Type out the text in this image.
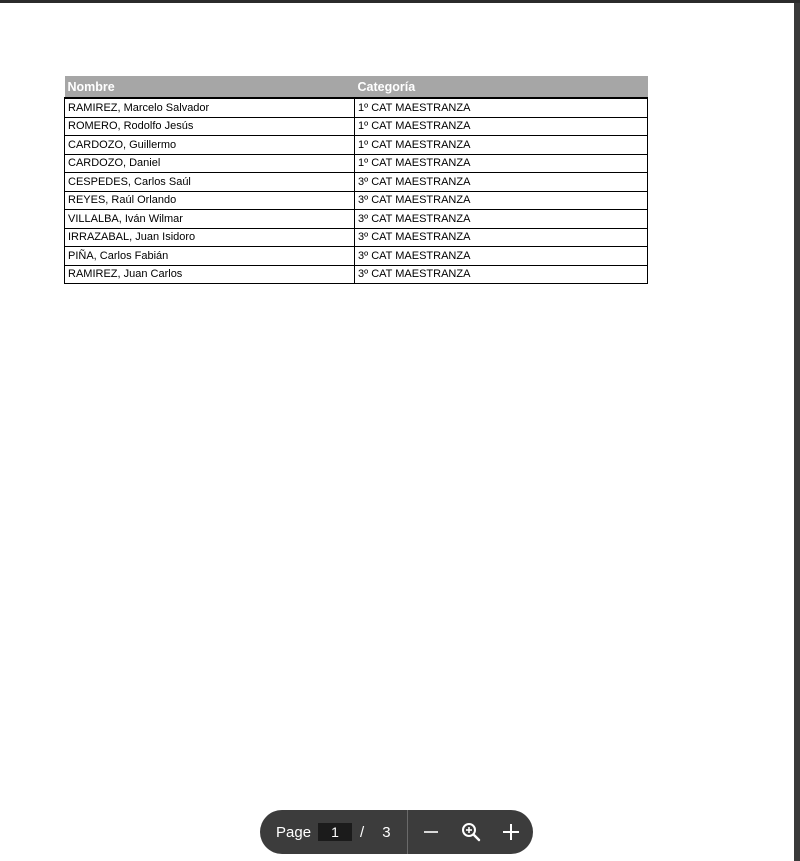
Nombre	Categoría
RAMIREZ, Marcelo Salvador	1º CAT MAESTRANZA
ROMERO, Rodolfo Jesús	1º CAT MAESTRANZA
CARDOZO, Guillermo	1º CAT MAESTRANZA
CARDOZO, Daniel	1º CAT MAESTRANZA
CESPEDES, Carlos Saúl	3º CAT MAESTRANZA
REYES, Raúl Orlando	3º CAT MAESTRANZA
VILLALBA, Iván Wilmar	3º CAT MAESTRANZA
IRRAZABAL, Juan Isidoro	3º CAT MAESTRANZA
PIÑA, Carlos Fabián	3º CAT MAESTRANZA
RAMIREZ, Juan Carlos	3º CAT MAESTRANZA
Page
1	/ 3
